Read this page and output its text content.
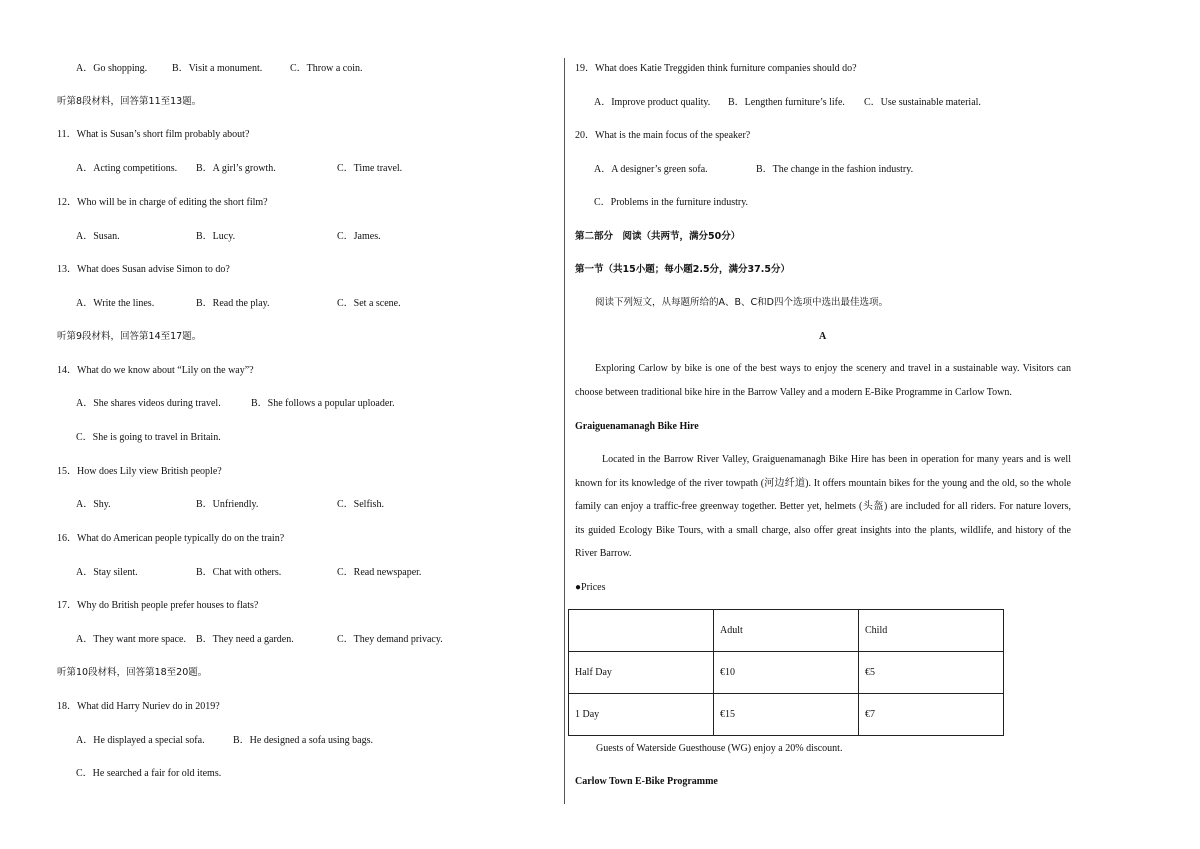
A．Go shopping. B．Visit a monument.	C．Throw a coin.
听第8段材料，回答第11至13题。
11．What is Susan’s short film probably about?
A．Acting competitions. B．A girl’s growth.	C．Time travel.
12．Who will be in charge of editing the short film?
A．Susan.	B．Lucy.	C．James.
13．What does Susan advise Simon to do?
A．Write the lines.	B．Read the play.	C．Set a scene.
听第9段材料，回答第14至17题。
14．What do we know about “Lily on the way”?
A．She shares videos during travel.	B．She follows a popular uploader.
C．She is going to travel in Britain.
15．How does Lily view British people?
A．Shy.	B．Unfriendly.	C．Selfish.
16．What do American people typically do on the train?
A．Stay silent.	B．Chat with others.	C．Read newspaper.
17．Why do British people prefer houses to flats?
A．They want more space. B．They need a garden.	C．They demand privacy.
听第10段材料，回答第18至20题。
18．What did Harry Nuriev do in 2019?
A．He displayed a special sofa.	B．He designed a sofa using bags.
C．He searched a fair for old items.
19．What does Katie Treggiden think furniture companies should do?
A．Improve product quality. B．Lengthen furniture’s life. C．Use sustainable material.
20．What is the main focus of the speaker?
A．A designer’s green sofa.	B．The change in the fashion industry.
C．Problems in the furniture industry.
第二部分　阅读（共两节，满分50分）
第一节（共15小题；每小题2.5分，满分37.5分）
阅读下列短文，从每题所给的A、B、C和D四个选项中选出最佳选项。
A
Exploring Carlow by bike is one of the best ways to enjoy the scenery and travel in a sustainable way. Visitors can choose between traditional bike hire in the Barrow Valley and a modern E-Bike Programme in Carlow Town.
Graiguenamanagh Bike Hire
Located in the Barrow River Valley, Graiguenamanagh Bike Hire has been in operation for many years and is well known for its knowledge of the river towpath (河边纤道). It offers mountain bikes for the young and the old, so the whole family can enjoy a traffic-free greenway together. Better yet, helmets (头盔) are included for all riders. For nature lovers, its guided Ecology Bike Tours, with a small charge, also offer great insights into the plants, wildlife, and history of the River Barrow.
●Prices
	Adult	Child
Half Day	€10	€5
1 Day	€15	€7
Guests of Waterside Guesthouse (WG) enjoy a 20% discount.
Carlow Town E-Bike Programme
